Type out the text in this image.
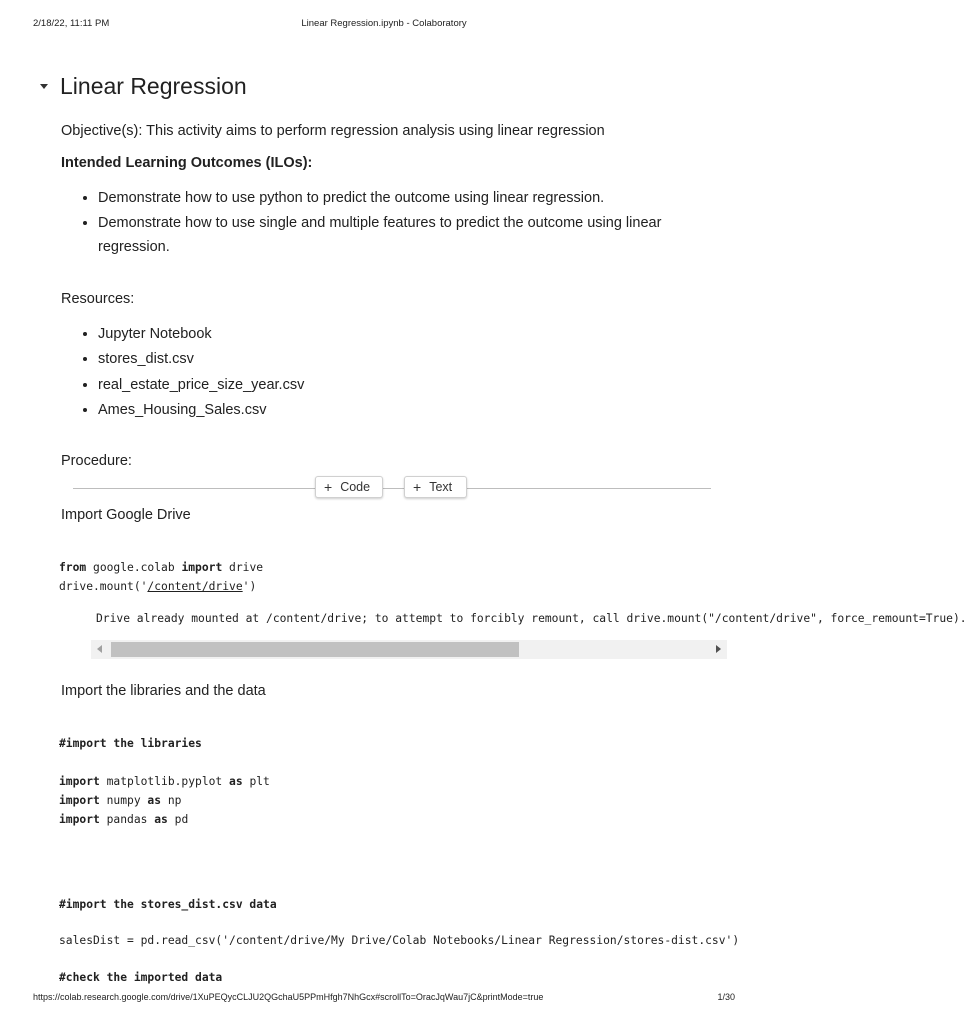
2/18/22, 11:11 PM	Linear Regression.ipynb - Colaboratory
Linear Regression

Objective(s): This activity aims to perform regression analysis using linear regression

Intended Learning Outcomes (ILOs):

• Demonstrate how to use python to predict the outcome using linear regression.
• Demonstrate how to use single and multiple features to predict the outcome using linear regression.

Resources:

• Jupyter Notebook
• stores_dist.csv
• real_estate_price_size_year.csv
• Ames_Housing_Sales.csv

Procedure:

+ Code	+ Text

Import Google Drive

from google.colab import drive
drive.mount('/content/drive')
Drive already mounted at /content/drive; to attempt to forcibly remount, call drive.mount("/content/drive", force_remount=True).

Import the libraries and the data

#import the libraries

import matplotlib.pyplot as plt
import numpy as np
import pandas as pd
#import the stores_dist.csv data
salesDist = pd.read_csv('/content/drive/My Drive/Colab Notebooks/Linear Regression/stores-dist.csv')
#check the imported data
https://colab.research.google.com/drive/1XuPEQycCLJU2QGchaU5PPmHfgh7NhGcx#scrollTo=OracJqWau7jC&printMode=true	1/30
